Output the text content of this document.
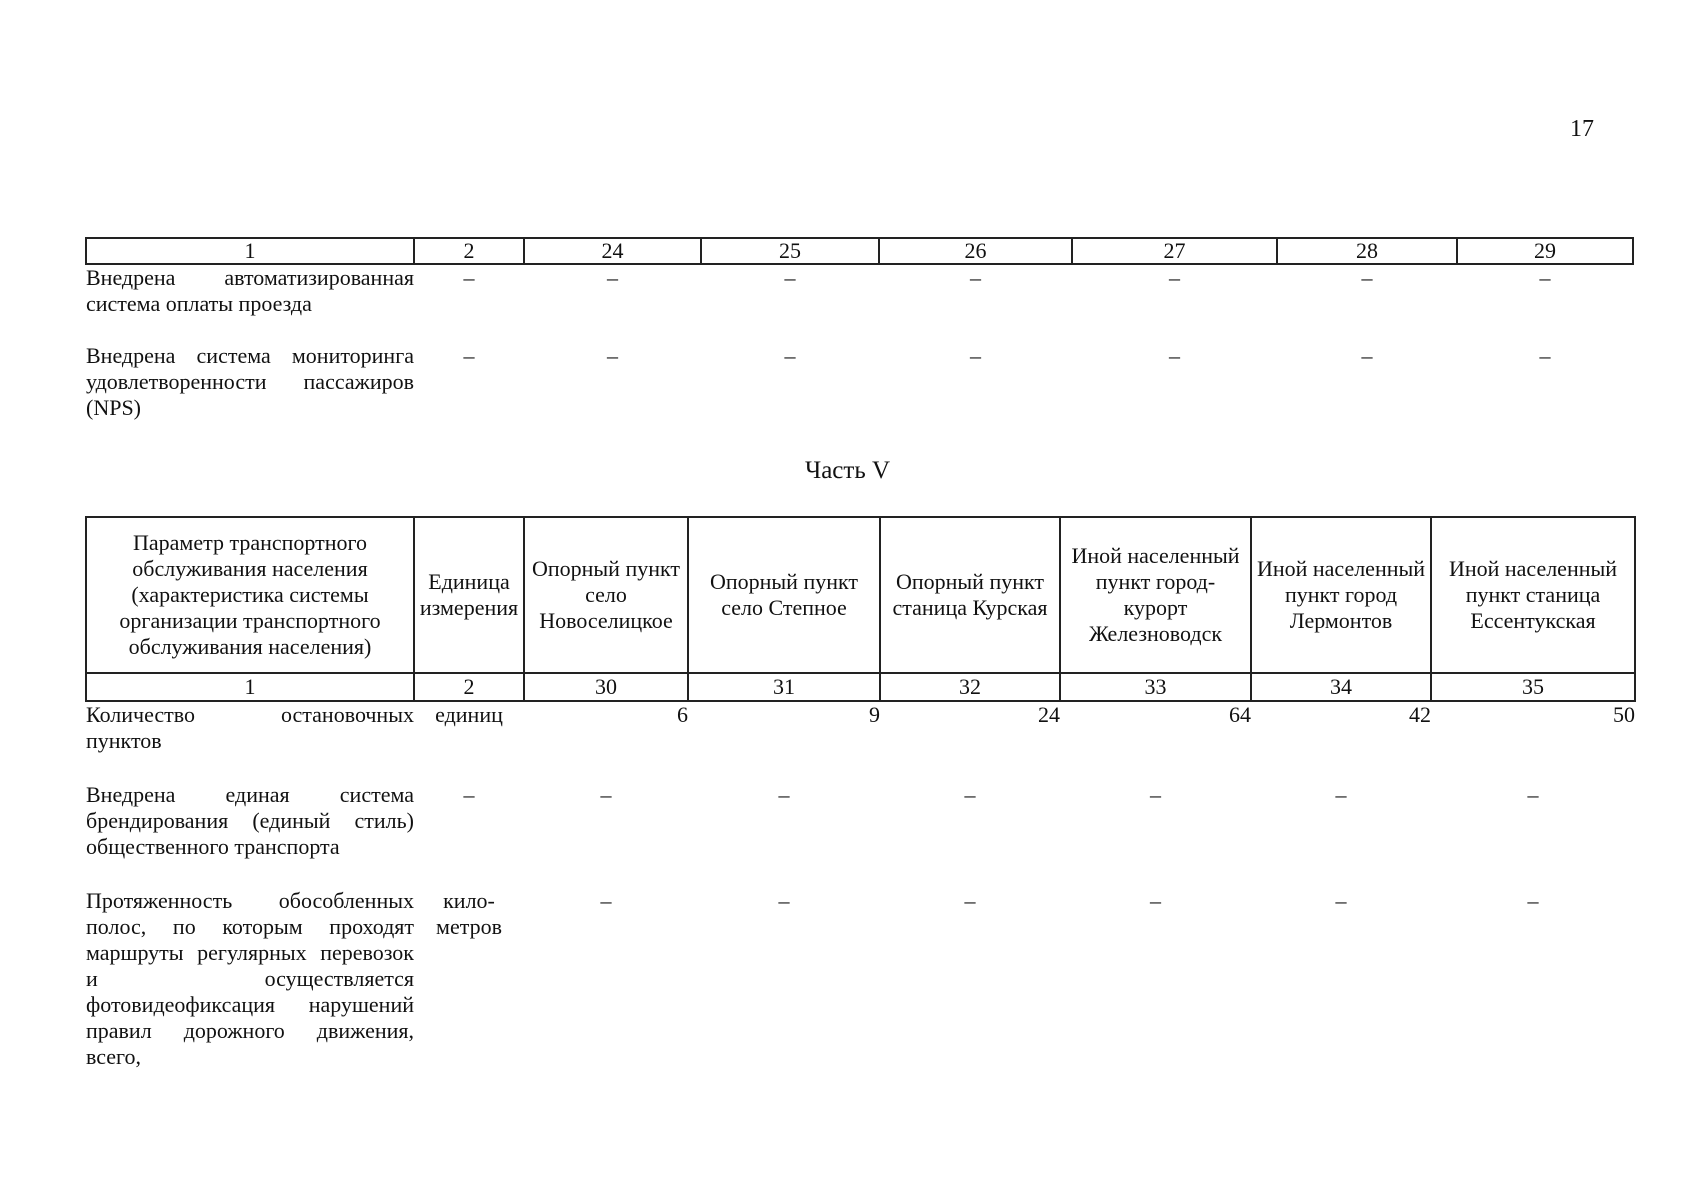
17
1	2	24	25	26	27	28	29
Внедрена автоматизированная система оплаты проезда	–	–	–	–	–	–	–
Внедрена система мониторинга удовлетворенности пассажиров (NPS)	–	–	–	–	–	–	–
Часть V
Параметр транспортного обслуживания населения (характеристика системы организации транспортного обслуживания населения)	Единица измерения	Опорный пункт село Новоселицкое	Опорный пункт село Степное	Опорный пункт станица Курская	Иной населенный пункт город- курорт Железноводск	Иной населенный пункт город Лермонтов	Иной населенный пункт станица Ессентукская
1	2	30	31	32	33	34	35
Количество остановочных пунктов	единиц	6	9	24	64	42	50
Внедрена единая система брендирования (единый стиль) общественного транспорта	–	–	–	–	–	–	–
Протяженность обособленных полос, по которым проходят маршруты регулярных перевозок и осуществляется фотовидеофиксация нарушений правил дорожного движения, всего,	кило- метров	–	–	–	–	–	–
